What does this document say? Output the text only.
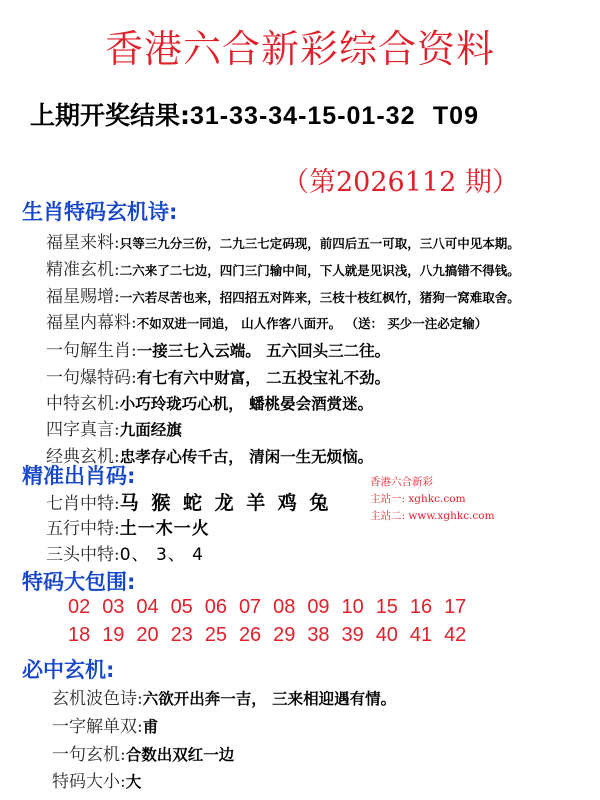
香港六合新彩综合资料
上期开奖结果:31-33-34-15-01-32 T09
（第2026112 期）
生肖特码玄机诗:
福星来料:只等三九分三份，二九三七定码现，前四后五一可取，三八可中见本期。
精准玄机:二六来了二七边，四门三门输中间，下人就是见识浅，八九搞错不得钱。
福星赐增:一六若尽苦也来，招四招五对阵来，三枝十枝红枫竹，猪狗一窝难取舍。
福星内幕料:不如双进一同追， 山人作客八面开。 （送： 买少一注必定输）
一句解生肖:一接三七入云端。 五六回头三二往。
一句爆特码:有七有六中财富， 二五投宝礼不劲。
中特玄机:小巧玲珑巧心机， 蟠桃晏会酒赏迷。
四字真言:九面经旗
经典玄机:忠孝存心传千古， 清闲一生无烦恼。
精准出肖码:
七肖中特:马 猴 蛇 龙 羊 鸡 兔
五行中特:土一木一火
三头中特:0、 3、 4
香港六合新彩
主站一: xghkc.com
主站二: www.xghkc.com
特码大包围:
02 03 04 05 06 07 08 09 10 15 16 17
18 19 20 23 25 26 29 38 39 40 41 42
必中玄机:
玄机波色诗:六欲开出奔一吉， 三来相迎遇有情。
一字解单双:甫
一句玄机:合数出双红一边
特码大小:大
